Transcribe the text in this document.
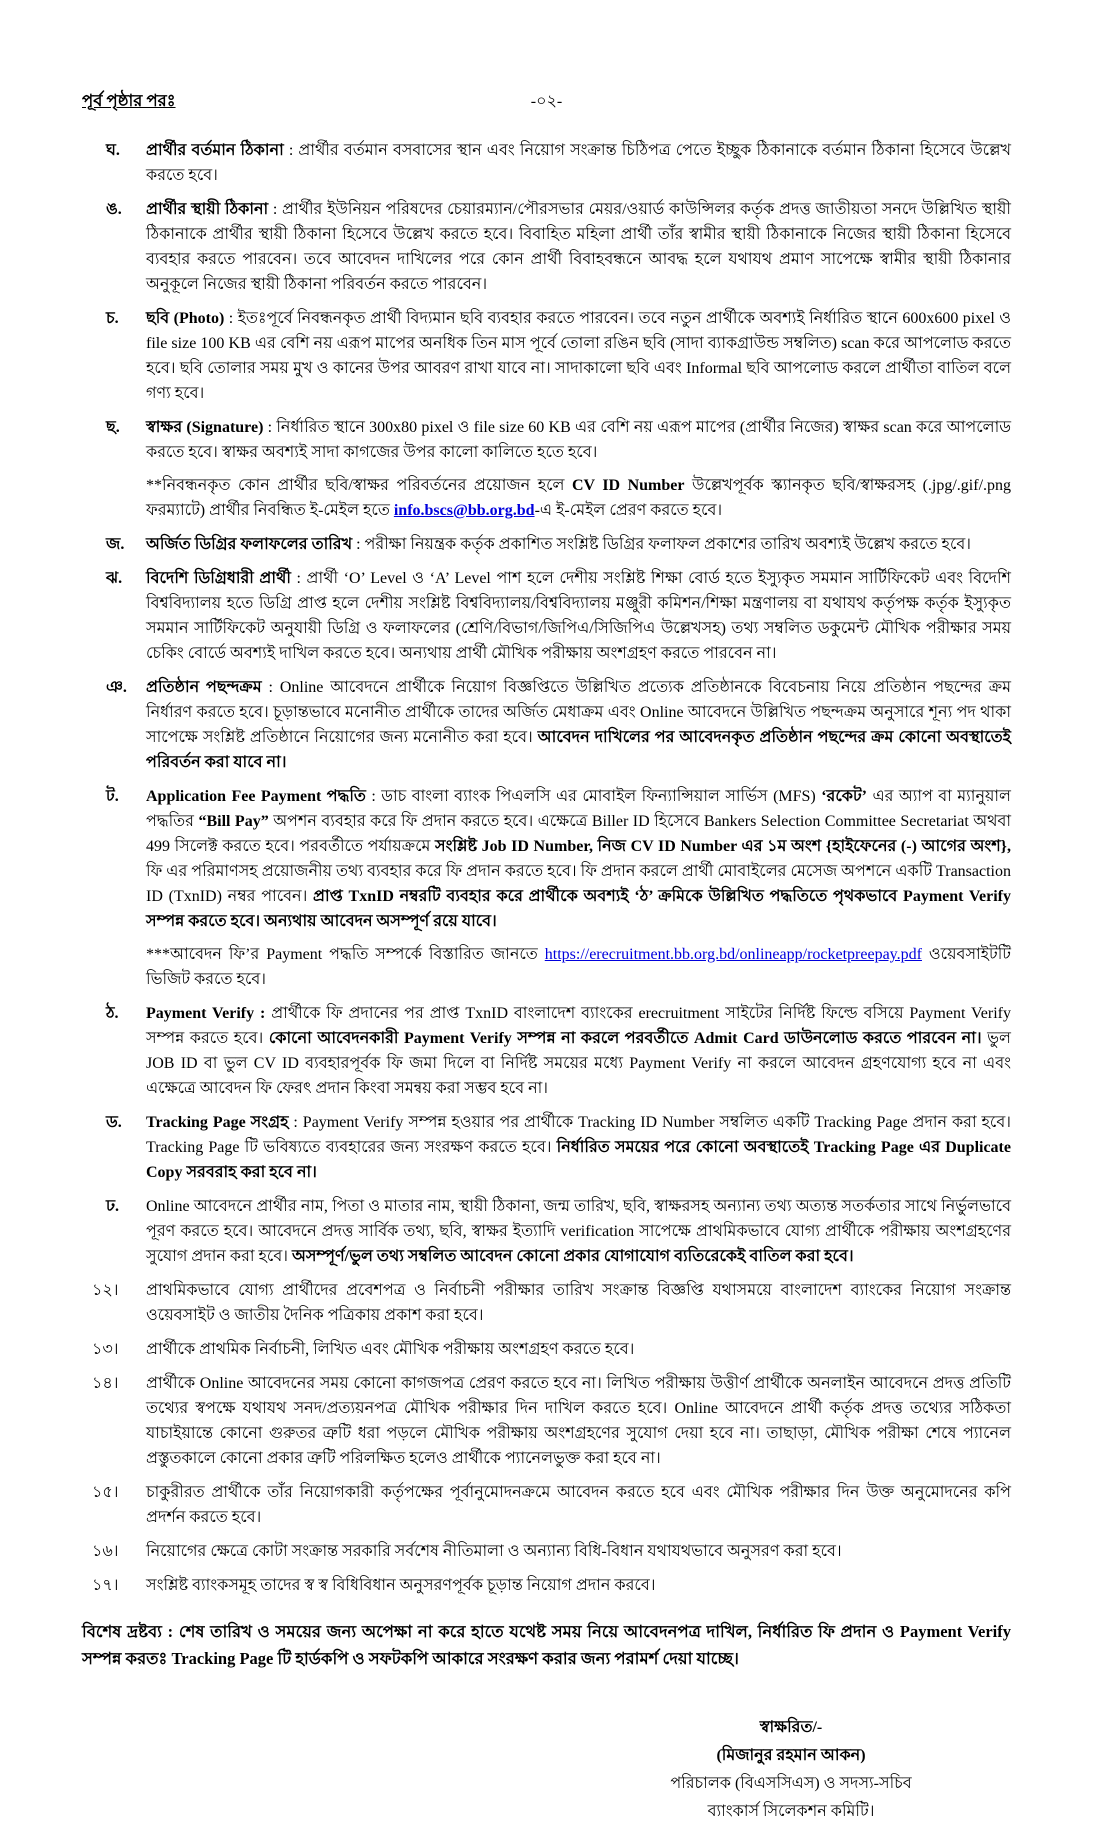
পূর্ব পৃষ্ঠার পরঃ	-০২-
ঘ.	প্রার্থীর বর্তমান ঠিকানা : প্রার্থীর বর্তমান বসবাসের স্থান এবং নিয়োগ সংক্রান্ত চিঠিপত্র পেতে ইচ্ছুক ঠিকানাকে বর্তমান ঠিকানা হিসেবে উল্লেখ করতে হবে।

ঙ.	প্রার্থীর স্থায়ী ঠিকানা : প্রার্থীর ইউনিয়ন পরিষদের চেয়ারম্যান/পৌরসভার মেয়র/ওয়ার্ড কাউন্সিলর কর্তৃক প্রদত্ত জাতীয়তা সনদে উল্লিখিত স্থায়ী ঠিকানাকে প্রার্থীর স্থায়ী ঠিকানা হিসেবে উল্লেখ করতে হবে। বিবাহিত মহিলা প্রার্থী তাঁর স্বামীর স্থায়ী ঠিকানাকে নিজের স্থায়ী ঠিকানা হিসেবে ব্যবহার করতে পারবেন। তবে আবেদন দাখিলের পরে কোন প্রার্থী বিবাহবন্ধনে আবদ্ধ হলে যথাযথ প্রমাণ সাপেক্ষে স্বামীর স্থায়ী ঠিকানার অনুকূলে নিজের স্থায়ী ঠিকানা পরিবর্তন করতে পারবেন।

চ.	ছবি (Photo) : ইতঃপূর্বে নিবন্ধনকৃত প্রার্থী বিদ্যমান ছবি ব্যবহার করতে পারবেন। তবে নতুন প্রার্থীকে অবশ্যই নির্ধারিত স্থানে 600x600 pixel ও file size 100 KB এর বেশি নয় এরূপ মাপের অনধিক তিন মাস পূর্বে তোলা রঙিন ছবি (সাদা ব্যাকগ্রাউন্ড সম্বলিত) scan করে আপলোড করতে হবে। ছবি তোলার সময় মুখ ও কানের উপর আবরণ রাখা যাবে না। সাদাকালো ছবি এবং Informal ছবি আপলোড করলে প্রার্থীতা বাতিল বলে গণ্য হবে।

ছ.	স্বাক্ষর (Signature) : নির্ধারিত স্থানে 300x80 pixel ও file size 60 KB এর বেশি নয় এরূপ মাপের (প্রার্থীর নিজের) স্বাক্ষর scan করে আপলোড করতে হবে। স্বাক্ষর অবশ্যই সাদা কাগজের উপর কালো কালিতে হতে হবে।

**নিবন্ধনকৃত কোন প্রার্থীর ছবি/স্বাক্ষর পরিবর্তনের প্রয়োজন হলে CV ID Number উল্লেখপূর্বক স্ক্যানকৃত ছবি/স্বাক্ষরসহ (.jpg/.gif/.png ফরম্যাটে) প্রার্থীর নিবন্ধিত ই-মেইল হতে info.bscs@bb.org.bd-এ ই-মেইল প্রেরণ করতে হবে।

জ.	অর্জিত ডিগ্রির ফলাফলের তারিখ : পরীক্ষা নিয়ন্ত্রক কর্তৃক প্রকাশিত সংশ্লিষ্ট ডিগ্রির ফলাফল প্রকাশের তারিখ অবশ্যই উল্লেখ করতে হবে।

ঝ.	বিদেশি ডিগ্রিধারী প্রার্থী : প্রার্থী ‘O’ Level ও ‘A’ Level পাশ হলে দেশীয় সংশ্লিষ্ট শিক্ষা বোর্ড হতে ইস্যুকৃত সমমান সার্টিফিকেট এবং বিদেশি বিশ্ববিদ্যালয় হতে ডিগ্রি প্রাপ্ত হলে দেশীয় সংশ্লিষ্ট বিশ্ববিদ্যালয়/বিশ্ববিদ্যালয় মঞ্জুরী কমিশন/শিক্ষা মন্ত্রণালয় বা যথাযথ কর্তৃপক্ষ কর্তৃক ইস্যুকৃত সমমান সার্টিফিকেট অনুযায়ী ডিগ্রি ও ফলাফলের (শ্রেণি/বিভাগ/জিপিএ/সিজিপিএ উল্লেখসহ) তথ্য সম্বলিত ডকুমেন্ট মৌখিক পরীক্ষার সময় চেকিং বোর্ডে অবশ্যই দাখিল করতে হবে। অন্যথায় প্রার্থী মৌখিক পরীক্ষায় অংশগ্রহণ করতে পারবেন না।

ঞ.	প্রতিষ্ঠান পছন্দক্রম : Online আবেদনে প্রার্থীকে নিয়োগ বিজ্ঞপ্তিতে উল্লিখিত প্রত্যেক প্রতিষ্ঠানকে বিবেচনায় নিয়ে প্রতিষ্ঠান পছন্দের ক্রম নির্ধারণ করতে হবে। চূড়ান্তভাবে মনোনীত প্রার্থীকে তাদের অর্জিত মেধাক্রম এবং Online আবেদনে উল্লিখিত পছন্দক্রম অনুসারে শূন্য পদ থাকা সাপেক্ষে সংশ্লিষ্ট প্রতিষ্ঠানে নিয়োগের জন্য মনোনীত করা হবে। আবেদন দাখিলের পর আবেদনকৃত প্রতিষ্ঠান পছন্দের ক্রম কোনো অবস্থাতেই পরিবর্তন করা যাবে না।

ট.	Application Fee Payment পদ্ধতি : ডাচ বাংলা ব্যাংক পিএলসি এর মোবাইল ফিন্যান্সিয়াল সার্ভিস (MFS) ‘রকেট’ এর অ্যাপ বা ম্যানুয়াল পদ্ধতির “Bill Pay” অপশন ব্যবহার করে ফি প্রদান করতে হবে। এক্ষেত্রে Biller ID হিসেবে Bankers Selection Committee Secretariat অথবা 499 সিলেক্ট করতে হবে। পরবর্তীতে পর্যায়ক্রমে সংশ্লিষ্ট Job ID Number, নিজ CV ID Number এর ১ম অংশ {হাইফেনের (-) আগের অংশ}, ফি এর পরিমাণসহ প্রয়োজনীয় তথ্য ব্যবহার করে ফি প্রদান করতে হবে। ফি প্রদান করলে প্রার্থী মোবাইলের মেসেজ অপশনে একটি Transaction ID (TxnID) নম্বর পাবেন। প্রাপ্ত TxnID নম্বরটি ব্যবহার করে প্রার্থীকে অবশ্যই ‘ঠ’ ক্রমিকে উল্লিখিত পদ্ধতিতে পৃথকভাবে Payment Verify সম্পন্ন করতে হবে। অন্যথায় আবেদন অসম্পূর্ণ রয়ে যাবে।

***আবেদন ফি’র Payment পদ্ধতি সম্পর্কে বিস্তারিত জানতে https://erecruitment.bb.org.bd/onlineapp/rocketpreepay.pdf ওয়েবসাইটটি ভিজিট করতে হবে।

ঠ.	Payment Verify : প্রার্থীকে ফি প্রদানের পর প্রাপ্ত TxnID বাংলাদেশ ব্যাংকের erecruitment সাইটের নির্দিষ্ট ফিল্ডে বসিয়ে Payment Verify সম্পন্ন করতে হবে। কোনো আবেদনকারী Payment Verify সম্পন্ন না করলে পরবর্তীতে Admit Card ডাউনলোড করতে পারবেন না। ভুল JOB ID বা ভুল CV ID ব্যবহারপূর্বক ফি জমা দিলে বা নির্দিষ্ট সময়ের মধ্যে Payment Verify না করলে আবেদন গ্রহণযোগ্য হবে না এবং এক্ষেত্রে আবেদন ফি ফেরৎ প্রদান কিংবা সমন্বয় করা সম্ভব হবে না।

ড.	Tracking Page সংগ্রহ : Payment Verify সম্পন্ন হওয়ার পর প্রার্থীকে Tracking ID Number সম্বলিত একটি Tracking Page প্রদান করা হবে। Tracking Page টি ভবিষ্যতে ব্যবহারের জন্য সংরক্ষণ করতে হবে। নির্ধারিত সময়ের পরে কোনো অবস্থাতেই Tracking Page এর Duplicate Copy সরবরাহ করা হবে না।

ঢ.	Online আবেদনে প্রার্থীর নাম, পিতা ও মাতার নাম, স্থায়ী ঠিকানা, জন্ম তারিখ, ছবি, স্বাক্ষরসহ অন্যান্য তথ্য অত্যন্ত সতর্কতার সাথে নির্ভুলভাবে পূরণ করতে হবে। আবেদনে প্রদত্ত সার্বিক তথ্য, ছবি, স্বাক্ষর ইত্যাদি verification সাপেক্ষে প্রাথমিকভাবে যোগ্য প্রার্থীকে পরীক্ষায় অংশগ্রহণের সুযোগ প্রদান করা হবে। অসম্পূর্ণ/ভুল তথ্য সম্বলিত আবেদন কোনো প্রকার যোগাযোগ ব্যতিরেকেই বাতিল করা হবে।

১২।	প্রাথমিকভাবে যোগ্য প্রার্থীদের প্রবেশপত্র ও নির্বাচনী পরীক্ষার তারিখ সংক্রান্ত বিজ্ঞপ্তি যথাসময়ে বাংলাদেশ ব্যাংকের নিয়োগ সংক্রান্ত ওয়েবসাইট ও জাতীয় দৈনিক পত্রিকায় প্রকাশ করা হবে।

১৩।	প্রার্থীকে প্রাথমিক নির্বাচনী, লিখিত এবং মৌখিক পরীক্ষায় অংশগ্রহণ করতে হবে।

১৪।	প্রার্থীকে Online আবেদনের সময় কোনো কাগজপত্র প্রেরণ করতে হবে না। লিখিত পরীক্ষায় উত্তীর্ণ প্রার্থীকে অনলাইন আবেদনে প্রদত্ত প্রতিটি তথ্যের স্বপক্ষে যথাযথ সনদ/প্রত্যয়নপত্র মৌখিক পরীক্ষার দিন দাখিল করতে হবে। Online আবেদনে প্রার্থী কর্তৃক প্রদত্ত তথ্যের সঠিকতা যাচাইয়ান্তে কোনো গুরুতর ত্রুটি ধরা পড়লে মৌখিক পরীক্ষায় অংশগ্রহণের সুযোগ দেয়া হবে না। তাছাড়া, মৌখিক পরীক্ষা শেষে প্যানেল প্রস্তুতকালে কোনো প্রকার ত্রুটি পরিলক্ষিত হলেও প্রার্থীকে প্যানেলভুক্ত করা হবে না।

১৫।	চাকুরীরত প্রার্থীকে তাঁর নিয়োগকারী কর্তৃপক্ষের পূর্বানুমোদনক্রমে আবেদন করতে হবে এবং মৌখিক পরীক্ষার দিন উক্ত অনুমোদনের কপি প্রদর্শন করতে হবে।

১৬।	নিয়োগের ক্ষেত্রে কোটা সংক্রান্ত সরকারি সর্বশেষ নীতিমালা ও অন্যান্য বিধি-বিধান যথাযথভাবে অনুসরণ করা হবে।

১৭।	সংশ্লিষ্ট ব্যাংকসমূহ তাদের স্ব স্ব বিধিবিধান অনুসরণপূর্বক চূড়ান্ত নিয়োগ প্রদান করবে।

বিশেষ দ্রষ্টব্য : শেষ তারিখ ও সময়ের জন্য অপেক্ষা না করে হাতে যথেষ্ট সময় নিয়ে আবেদনপত্র দাখিল, নির্ধারিত ফি প্রদান ও Payment Verify সম্পন্ন করতঃ Tracking Page টি হার্ডকপি ও সফটকপি আকারে সংরক্ষণ করার জন্য পরামর্শ দেয়া যাচ্ছে।

স্বাক্ষরিত/-
(মিজানুর রহমান আকন)
পরিচালক (বিএসসিএস) ও সদস্য-সচিব
ব্যাংকার্স সিলেকশন কমিটি।
